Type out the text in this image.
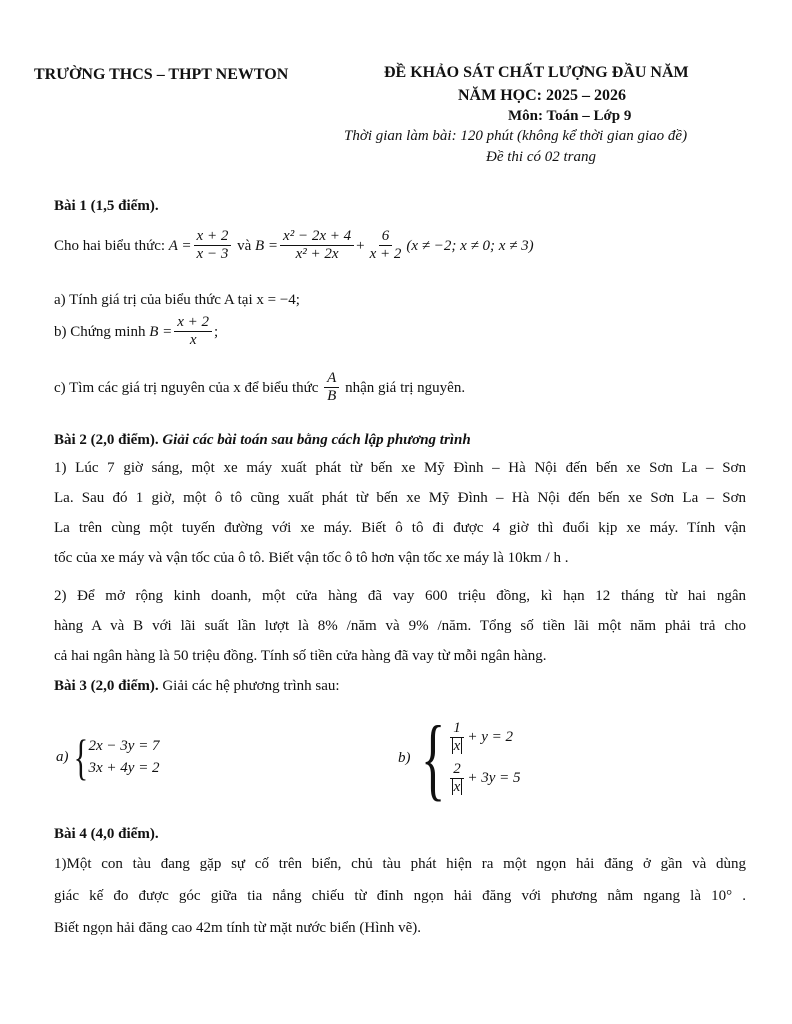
TRƯỜNG THCS – THPT NEWTON	ĐỀ KHẢO SÁT CHẤT LƯỢNG ĐẦU NĂM
NĂM HỌC: 2025 – 2026
Môn: Toán – Lớp 9
Thời gian làm bài: 120 phút (không kể thời gian giao đề)
Đề thi có 02 trang
Bài 1 (1,5 điểm).
Cho hai biểu thức:
$A = \frac{x + 2}{x - 3}$
và
$B = \frac{\text{x² − 2x + 4}}{\text{x² + 2x}} + \frac{6}{x + 2} (x \ne -2$; x ≠ 0; x ≠ 3)
a) Tính giá trị của biểu thức A tại x = −4;
b) Chứng minh
$B = \frac{x + 2}{x}$ ;
c) Tìm các giá trị nguyên của x để biểu thức
$\frac{A}{B}$
nhận giá trị nguyên.
Bài 2 (2,0 điểm). Giải các bài toán sau bằng cách lập phương trình
1) Lúc 7 giờ sáng, một xe máy xuất phát từ bến xe Mỹ Đình – Hà Nội đến bến xe Sơn La – Sơn
La. Sau đó 1 giờ, một ô tô cũng xuất phát từ bến xe Mỹ Đình – Hà Nội đến bến xe Sơn La – Sơn
La trên cùng một tuyến đường với xe máy. Biết ô tô đi được 4 giờ thì đuổi kịp xe máy. Tính vận
tốc của xe máy và vận tốc của ô tô. Biết vận tốc ô tô hơn vận tốc xe máy là 10km / h .
2) Để mở rộng kinh doanh, một cửa hàng đã vay 600 triệu đồng, kì hạn 12 tháng từ hai ngân
hàng A và B với lãi suất lần lượt là 8% /năm và 9% /năm. Tổng số tiền lãi một năm phải trả cho
cả hai ngân hàng là 50 triệu đồng. Tính số tiền cửa hàng đã vay từ mỗi ngân hàng.
Bài 3 (2,0 điểm). Giải các hệ phương trình sau:
a) { 2x − 3y = 7
3x + 4y = 2
b) { $\frac{1}{x} + y = 2$
$\frac{2}{x} + 3y = 5$
Bài 4 (4,0 điểm).
1)Một con tàu đang gặp sự cố trên biển, chủ tàu phát hiện ra một ngọn hải đăng ở gần và dùng
giác kế đo được góc giữa tia nắng chiếu từ đỉnh ngọn hải đăng với phương nằm ngang là 10° .
Biết ngọn hải đăng cao 42m tính từ mặt nước biển (Hình vẽ).
